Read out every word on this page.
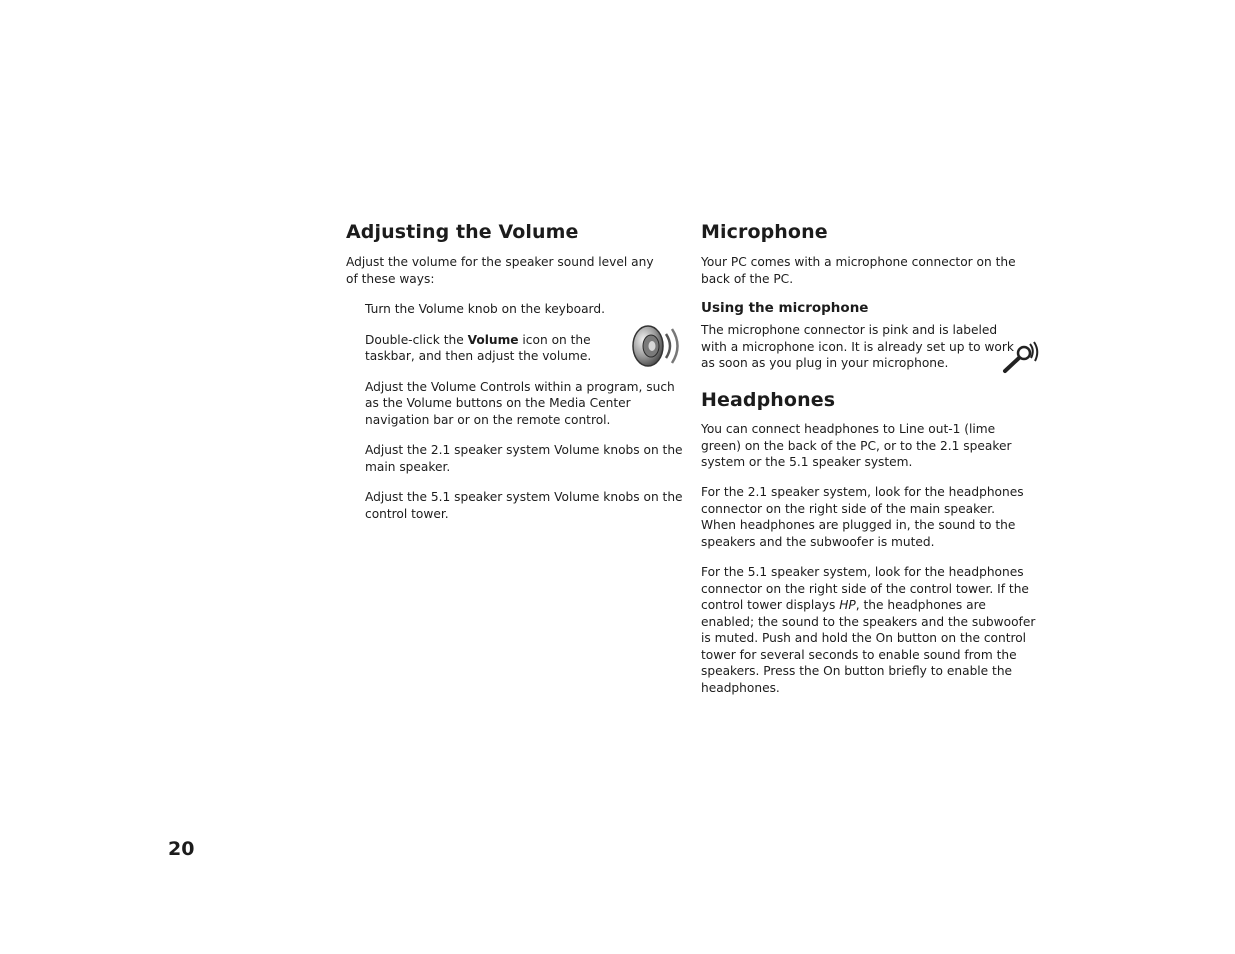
Adjusting the Volume

Adjust the volume for the speaker sound level any of these ways:

Turn the Volume knob on the keyboard.
Double-click the Volume icon on the taskbar, and then adjust the volume.
Adjust the Volume Controls within a program, such as the Volume buttons on the Media Center navigation bar or on the remote control.
Adjust the 2.1 speaker system Volume knobs on the main speaker.
Adjust the 5.1 speaker system Volume knobs on the control tower.
Microphone

Your PC comes with a microphone connector on the back of the PC.

Using the microphone

The microphone connector is pink and is labeled with a microphone icon. It is already set up to work as soon as you plug in your microphone.

Headphones

You can connect headphones to Line out-1 (lime green) on the back of the PC, or to the 2.1 speaker system or the 5.1 speaker system.

For the 2.1 speaker system, look for the headphones connector on the right side of the main speaker. When headphones are plugged in, the sound to the speakers and the subwoofer is muted.

For the 5.1 speaker system, look for the headphones connector on the right side of the control tower. If the control tower displays HP, the headphones are enabled; the sound to the speakers and the subwoofer is muted. Push and hold the On button on the control tower for several seconds to enable sound from the speakers. Press the On button briefly to enable the headphones.

20
